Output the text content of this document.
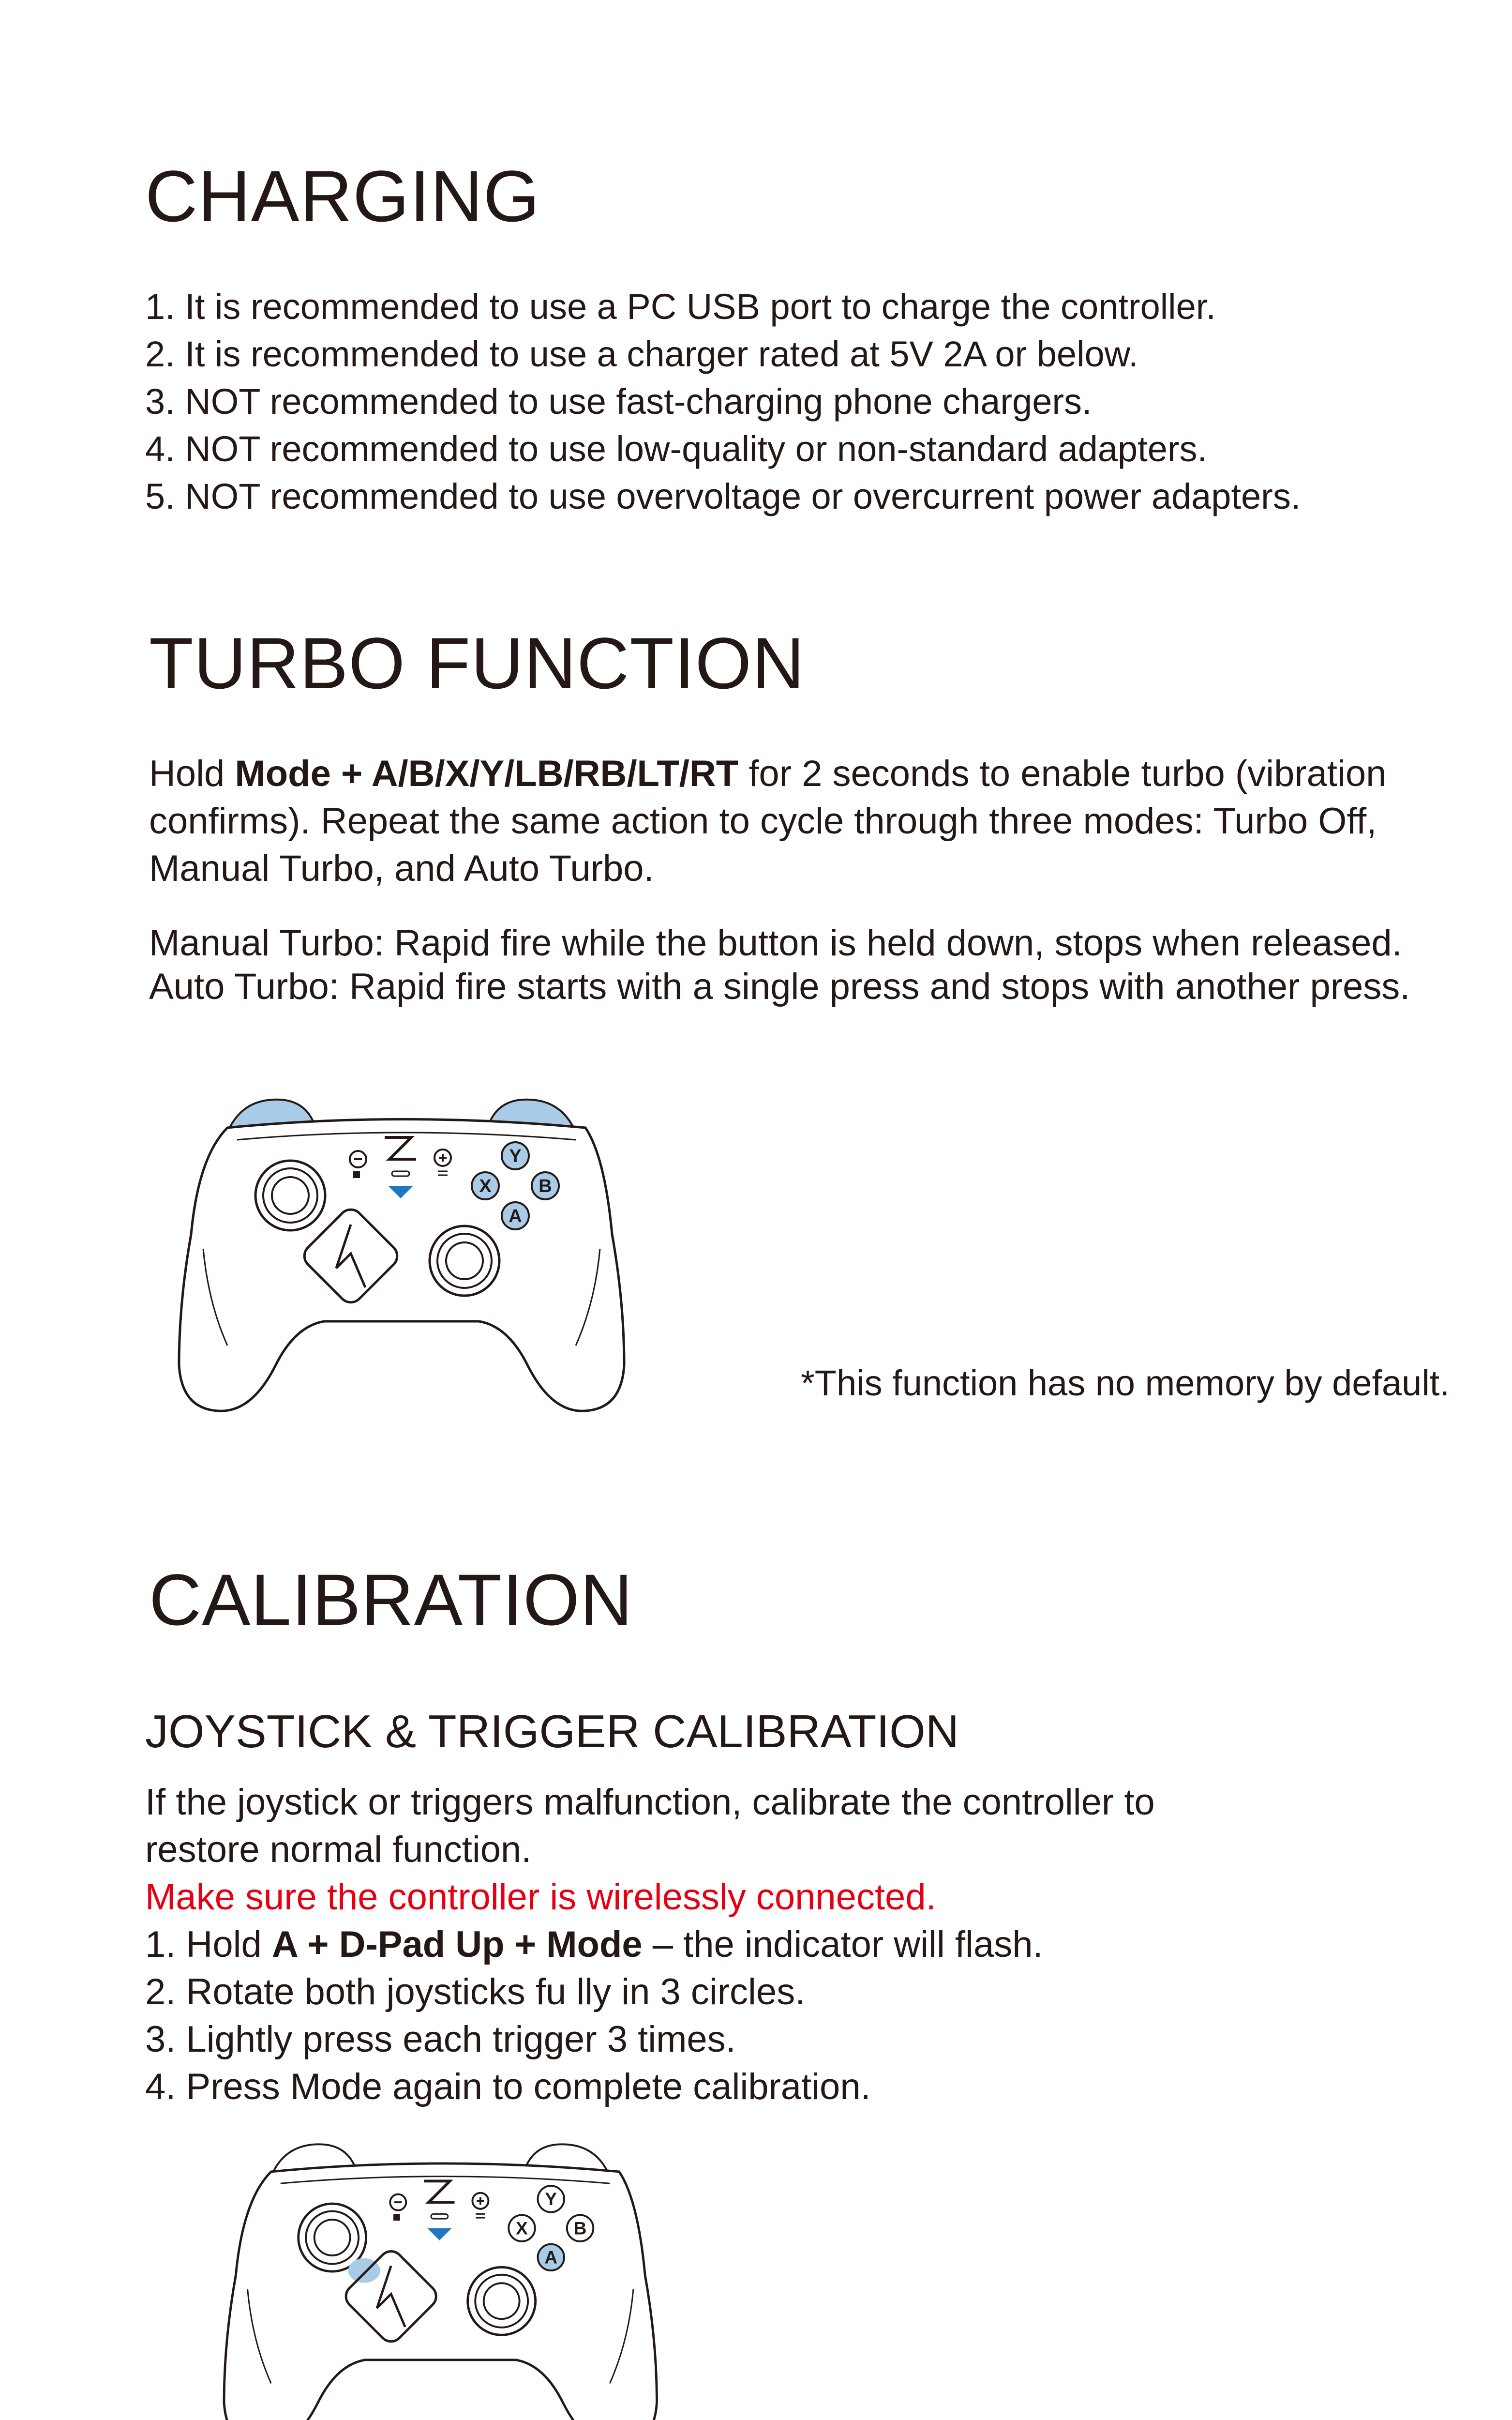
CHARGING
1. It is recommended to use a PC USB port to charge the controller.
2. It is recommended to use a charger rated at 5V 2A or below.
3. NOT recommended to use fast-charging phone chargers.
4. NOT recommended to use low-quality or non-standard adapters.
5. NOT recommended to use overvoltage or overcurrent power adapters.
TURBO FUNCTION

Hold Mode + A/B/X/Y/LB/RB/LT/RT for 2 seconds to enable turbo (vibration

confirms). Repeat the same action to cycle through three modes: Turbo Off,

Manual Turbo, and Auto Turbo.

Manual Turbo: Rapid fire while the button is held down, stops when released.

Auto Turbo: Rapid fire starts with a single press and stops with another press.

Y
X	B
A
*This function has no memory by default.
CALIBRATION
JOYSTICK & TRIGGER CALIBRATION

If the joystick or triggers malfunction, calibrate the controller to

restore normal function.

Make sure the controller is wirelessly connected.

1. Hold A + D-Pad Up + Mode – the indicator will flash.

2. Rotate both joysticks fu lly in 3 circles.

3. Lightly press each trigger 3 times.

4. Press Mode again to complete calibration.

Y
X B
A
